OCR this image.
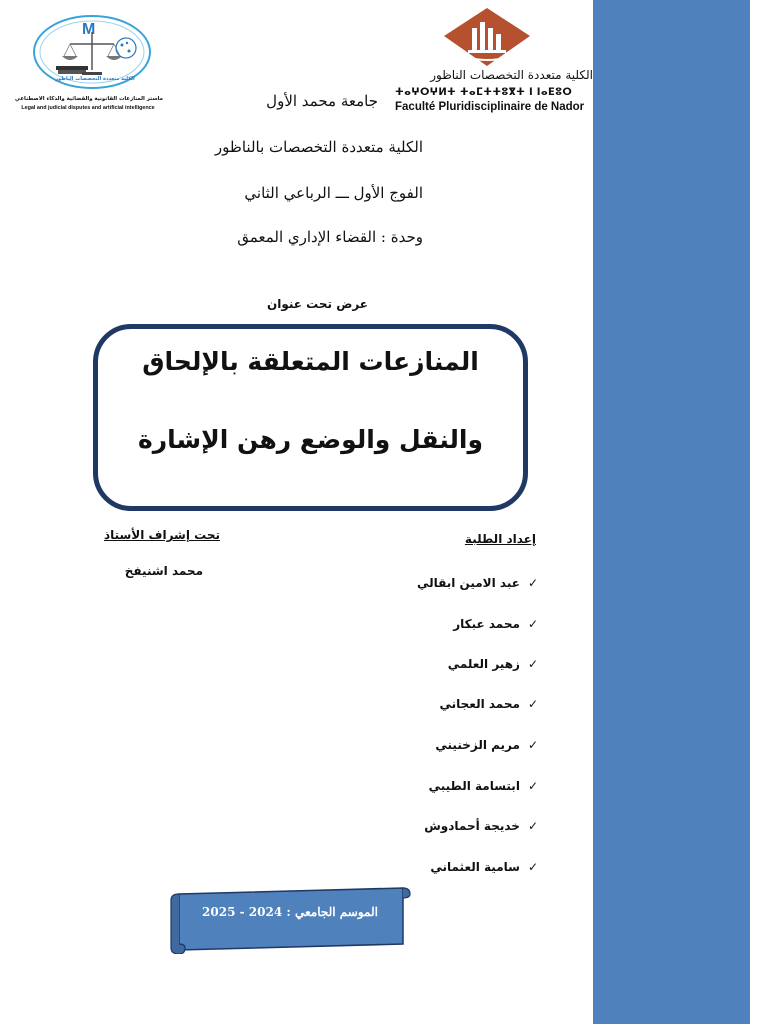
M
الكلية متعددة التخصصات الناظور
ماستر المنازعات القانونية والقضائية والذكاء الاصطناعي
Legal and judicial disputes and artificial intelligence
الكلية متعددة التخصصات الناظور
ⵜⴰⵖⵔⵖⵍⵜ ⵜⴰⵎⵜⵜⵓⴳⵜ ⵏ ⵏⴰⴹⵓⵔ
Faculté Pluridisciplinaire de Nador
جامعة محمد الأول
الكلية متعددة التخصصات بالناظور
الفوج الأول ـــ الرباعي الثاني
وحدة : القضاء الإداري المعمق
عرض تحت عنوان
المنازعات المتعلقة بالإلحاق
والنقل والوضع رهن الإشارة
تحت إشراف الأستاذ
محمد اشنيفخ
إعداد الطلبة
✓عبد الامين ابقالي
✓محمد عبكار
✓زهير العلمي
✓محمد العجاني
✓مريم الزخنيني
✓ابتسامة الطيبي
✓خديجة أحمادوش
✓سامية العثماني
الموسم الجامعي : 2024 - 2025
